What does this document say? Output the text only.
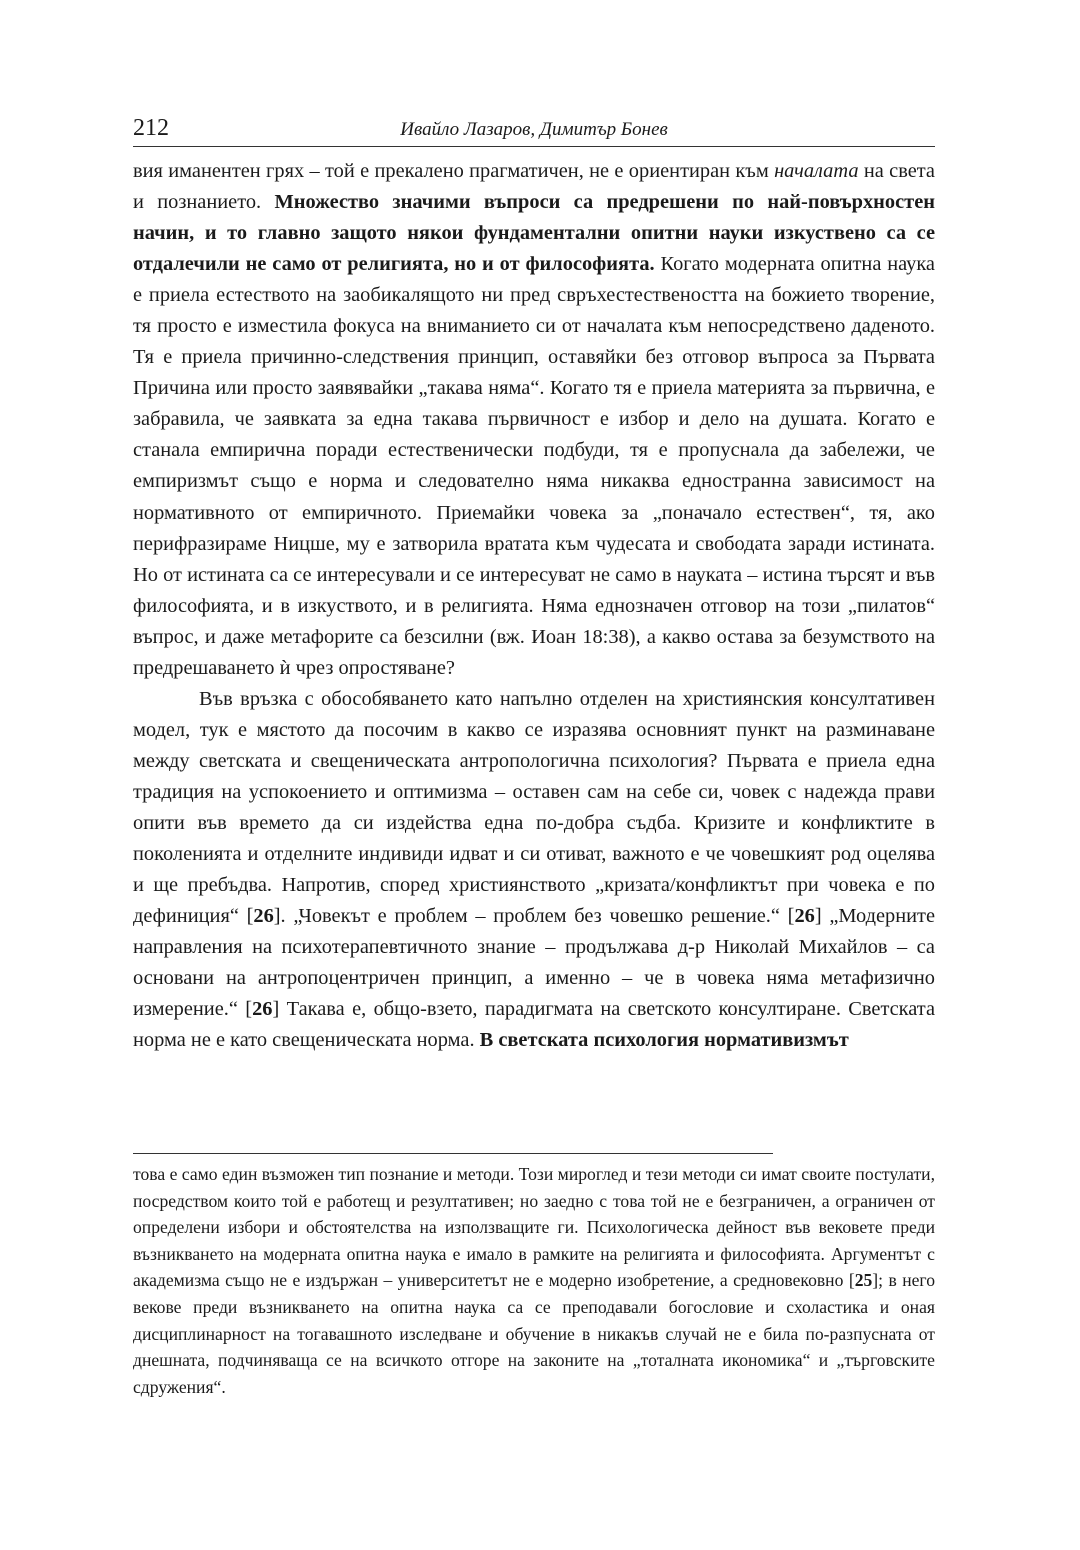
212	Ивайло Лазаров, Димитър Бонев

вия иманентен грях – той е прекалено прагматичен, не е ориентиран към началата на света и познанието. Множество значими въпроси са предрешени по най-повърхностен начин, и то главно защото някои фундаментални опитни науки изкуствено са се отдалечили не само от религията, но и от философията. Когато модерната опитна наука е приела естеството на заобикалящото ни пред свръхестествеността на божието творение, тя просто е изместила фокуса на вниманието си от началата към непосредствено даденото. Тя е приела причинно-следствения принцип, оставяйки без отговор въпроса за Първата Причина или просто заявявайки „такава няма“. Когато тя е приела материята за първична, е забравила, че заявката за една такава първичност е избор и дело на душата. Когато е станала емпирична поради естественически подбуди, тя е пропуснала да забележи, че емпиризмът също е норма и следователно няма никаква едностранна зависимост на нормативното от емпиричното. Приемайки човека за „поначало естествен“, тя, ако перифразираме Ницше, му е затворила вратата към чудесата и свободата заради истината. Но от истината са се интересували и се интересуват не само в науката – истина търсят и във философията, и в изкуството, и в религията. Няма еднозначен отговор на този „пилатов“ въпрос, и даже метафорите са безсилни (вж. Иоан 18:38), а какво остава за безумството на предрешаването ѝ чрез опростяване?

Във връзка с обособяването като напълно отделен на християнския консултативен модел, тук е мястото да посочим в какво се изразява основният пункт на разминаване между светската и свещеническата антропологична психология? Първата е приела една традиция на успокоението и оптимизма – оставен сам на себе си, човек с надежда прави опити във времето да си издейства една по-добра съдба. Кризите и конфликтите в поколенията и отделните индивиди идват и си отиват, важното е че човешкият род оцелява и ще пребъдва. Напротив, според християнството „кризата/конфликтът при човека е по дефиниция“ [26]. „Човекът е проблем – проблем без човешко решение.“ [26] „Модерните направления на психотерапевтичното знание – продължава д-р Николай Михайлов – са основани на антропоцентричен принцип, а именно – че в човека няма метафизично измерение.“ [26] Такава е, общо-взето, парадигмата на светското консултиране. Светската норма не е като свещеническата норма. В светската психология нормативизмът

това е само един възможен тип познание и методи. Този мироглед и тези методи си имат своите постулати, посредством които той е работещ и резултативен; но заедно с това той не е безграничен, а ограничен от определени избори и обстоятелства на използващите ги. Психологическа дейност във вековете преди възникването на модерната опитна наука е имало в рамките на религията и философията. Аргументът с академизма също не е издържан – университетът не е модерно изобретение, а средновековно [25]; в него векове преди възникването на опитна наука са се преподавали богословие и схоластика и оная дисциплинарност на тогавашното изследване и обучение в никакъв случай не е била по-разпусната от днешната, подчиняваща се на всичкото отгоре на законите на „тоталната икономика“ и „търговските сдружения“.
